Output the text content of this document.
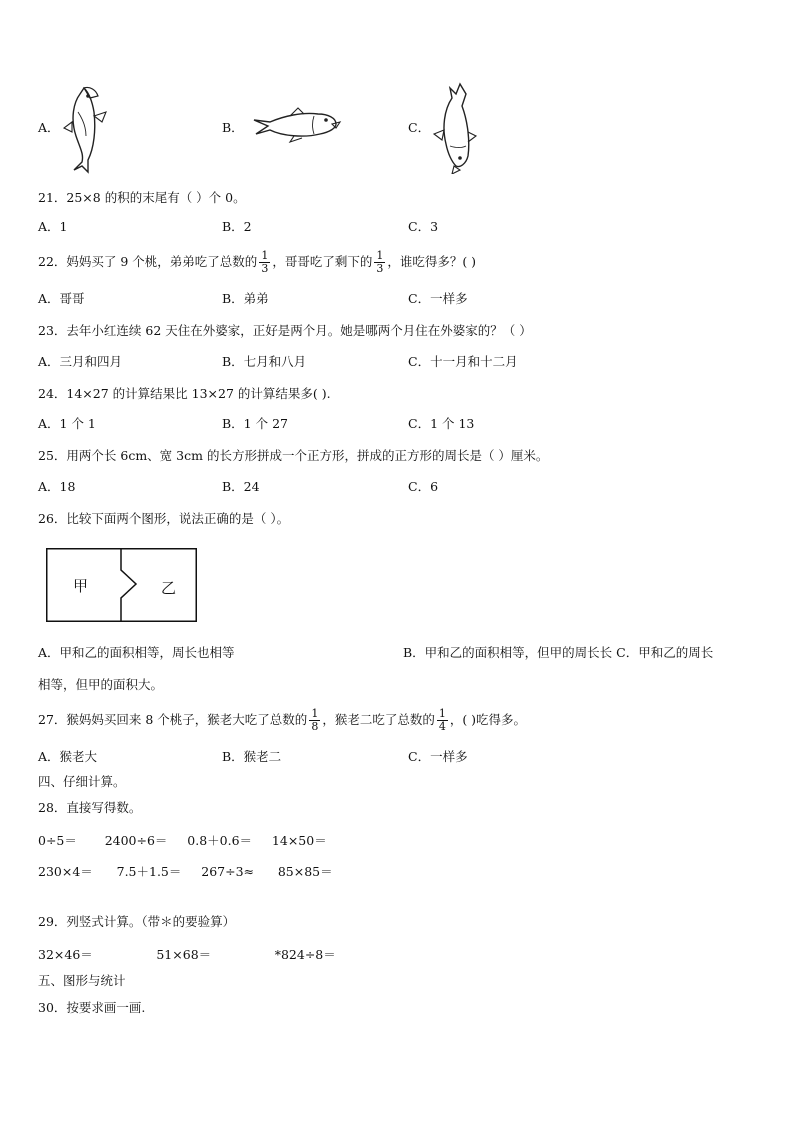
A．	B．	C．
21．25×8 的积的末尾有（ ）个 0。
A．1	B．2	C．3
22．妈妈买了 9 个桃，弟弟吃了总数的 $\frac{1}{3}$ ，哥哥吃了剩下的 $\frac{1}{3}$ ，谁吃得多？( )
A．哥哥	B．弟弟	C．一样多
23．去年小红连续 62 天住在外婆家，正好是两个月。她是哪两个月住在外婆家的？（ ）
A．三月和四月	B．七月和八月	C．十一月和十二月
24．14×27 的计算结果比 13×27 的计算结果多( ).
A．1 个 1	B．1 个 27	C．1 个 13
25．用两个长 6cm、宽 3cm 的长方形拼成一个正方形，拼成的正方形的周长是（ ）厘米。
A．18	B．24	C．6
26．比较下面两个图形，说法正确的是（ ）。
甲	乙
A．甲和乙的面积相等，周长也相等	B．甲和乙的面积相等，但甲的周长长 C．甲和乙的周长
相等，但甲的面积大。
27．猴妈妈买回来 8 个桃子，猴老大吃了总数的 $\frac{1}{8}$ ，猴老二吃了总数的 $\frac{1}{4}$ ，( )吃得多。
A．猴老大	B．猴老二	C．一样多
四、仔细计算。
28．直接写得数。
0÷5＝       2400÷6＝     0.8＋0.6＝     14×50＝
230×4＝      7.5＋1.5＝     267÷3≈      85×85＝
29．列竖式计算。（带＊的要验算）
32×46＝                51×68＝                *824÷8＝
五、图形与统计
30．按要求画一画.
